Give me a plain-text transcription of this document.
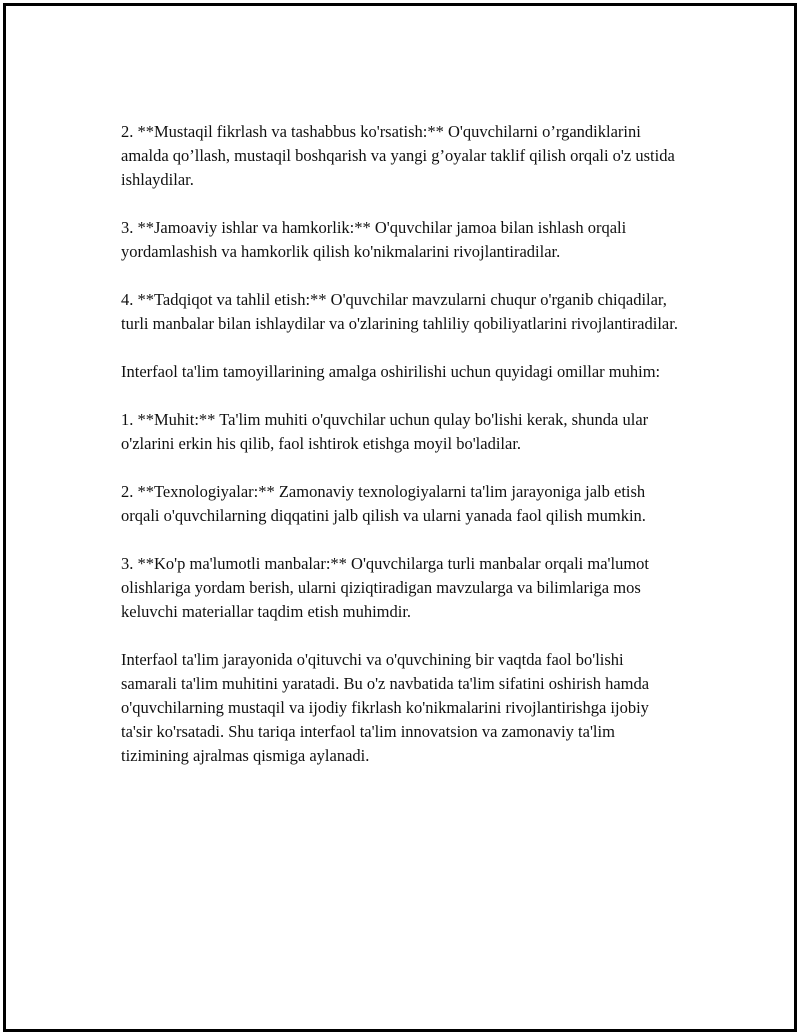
2. **Mustaqil fikrlash va tashabbus ko'rsatish:** O'quvchilarni o’rgandiklarini amalda qo’llash, mustaqil boshqarish va yangi g’oyalar taklif qilish orqali o'z ustida ishlaydilar.

3. **Jamoaviy ishlar va hamkorlik:** O'quvchilar jamoa bilan ishlash orqali yordamlashish va hamkorlik qilish ko'nikmalarini rivojlantiradilar.

4. **Tadqiqot va tahlil etish:** O'quvchilar mavzularni chuqur o'rganib chiqadilar, turli manbalar bilan ishlaydilar va o'zlarining tahliliy qobiliyatlarini rivojlantiradilar.

Interfaol ta'lim tamoyillarining amalga oshirilishi uchun quyidagi omillar muhim:

1. **Muhit:** Ta'lim muhiti o'quvchilar uchun qulay bo'lishi kerak, shunda ular o'zlarini erkin his qilib, faol ishtirok etishga moyil bo'ladilar.

2. **Texnologiyalar:** Zamonaviy texnologiyalarni ta'lim jarayoniga jalb etish orqali o'quvchilarning diqqatini jalb qilish va ularni yanada faol qilish mumkin.

3. **Ko'p ma'lumotli manbalar:** O'quvchilarga turli manbalar orqali ma'lumot olishlariga yordam berish, ularni qiziqtiradigan mavzularga va bilimlariga mos keluvchi materiallar taqdim etish muhimdir.

Interfaol ta'lim jarayonida o'qituvchi va o'quvchining bir vaqtda faol bo'lishi samarali ta'lim muhitini yaratadi. Bu o'z navbatida ta'lim sifatini oshirish hamda o'quvchilarning mustaqil va ijodiy fikrlash ko'nikmalarini rivojlantirishga ijobiy ta'sir ko'rsatadi. Shu tariqa interfaol ta'lim innovatsion va zamonaviy ta'lim tizimining ajralmas qismiga aylanadi.
